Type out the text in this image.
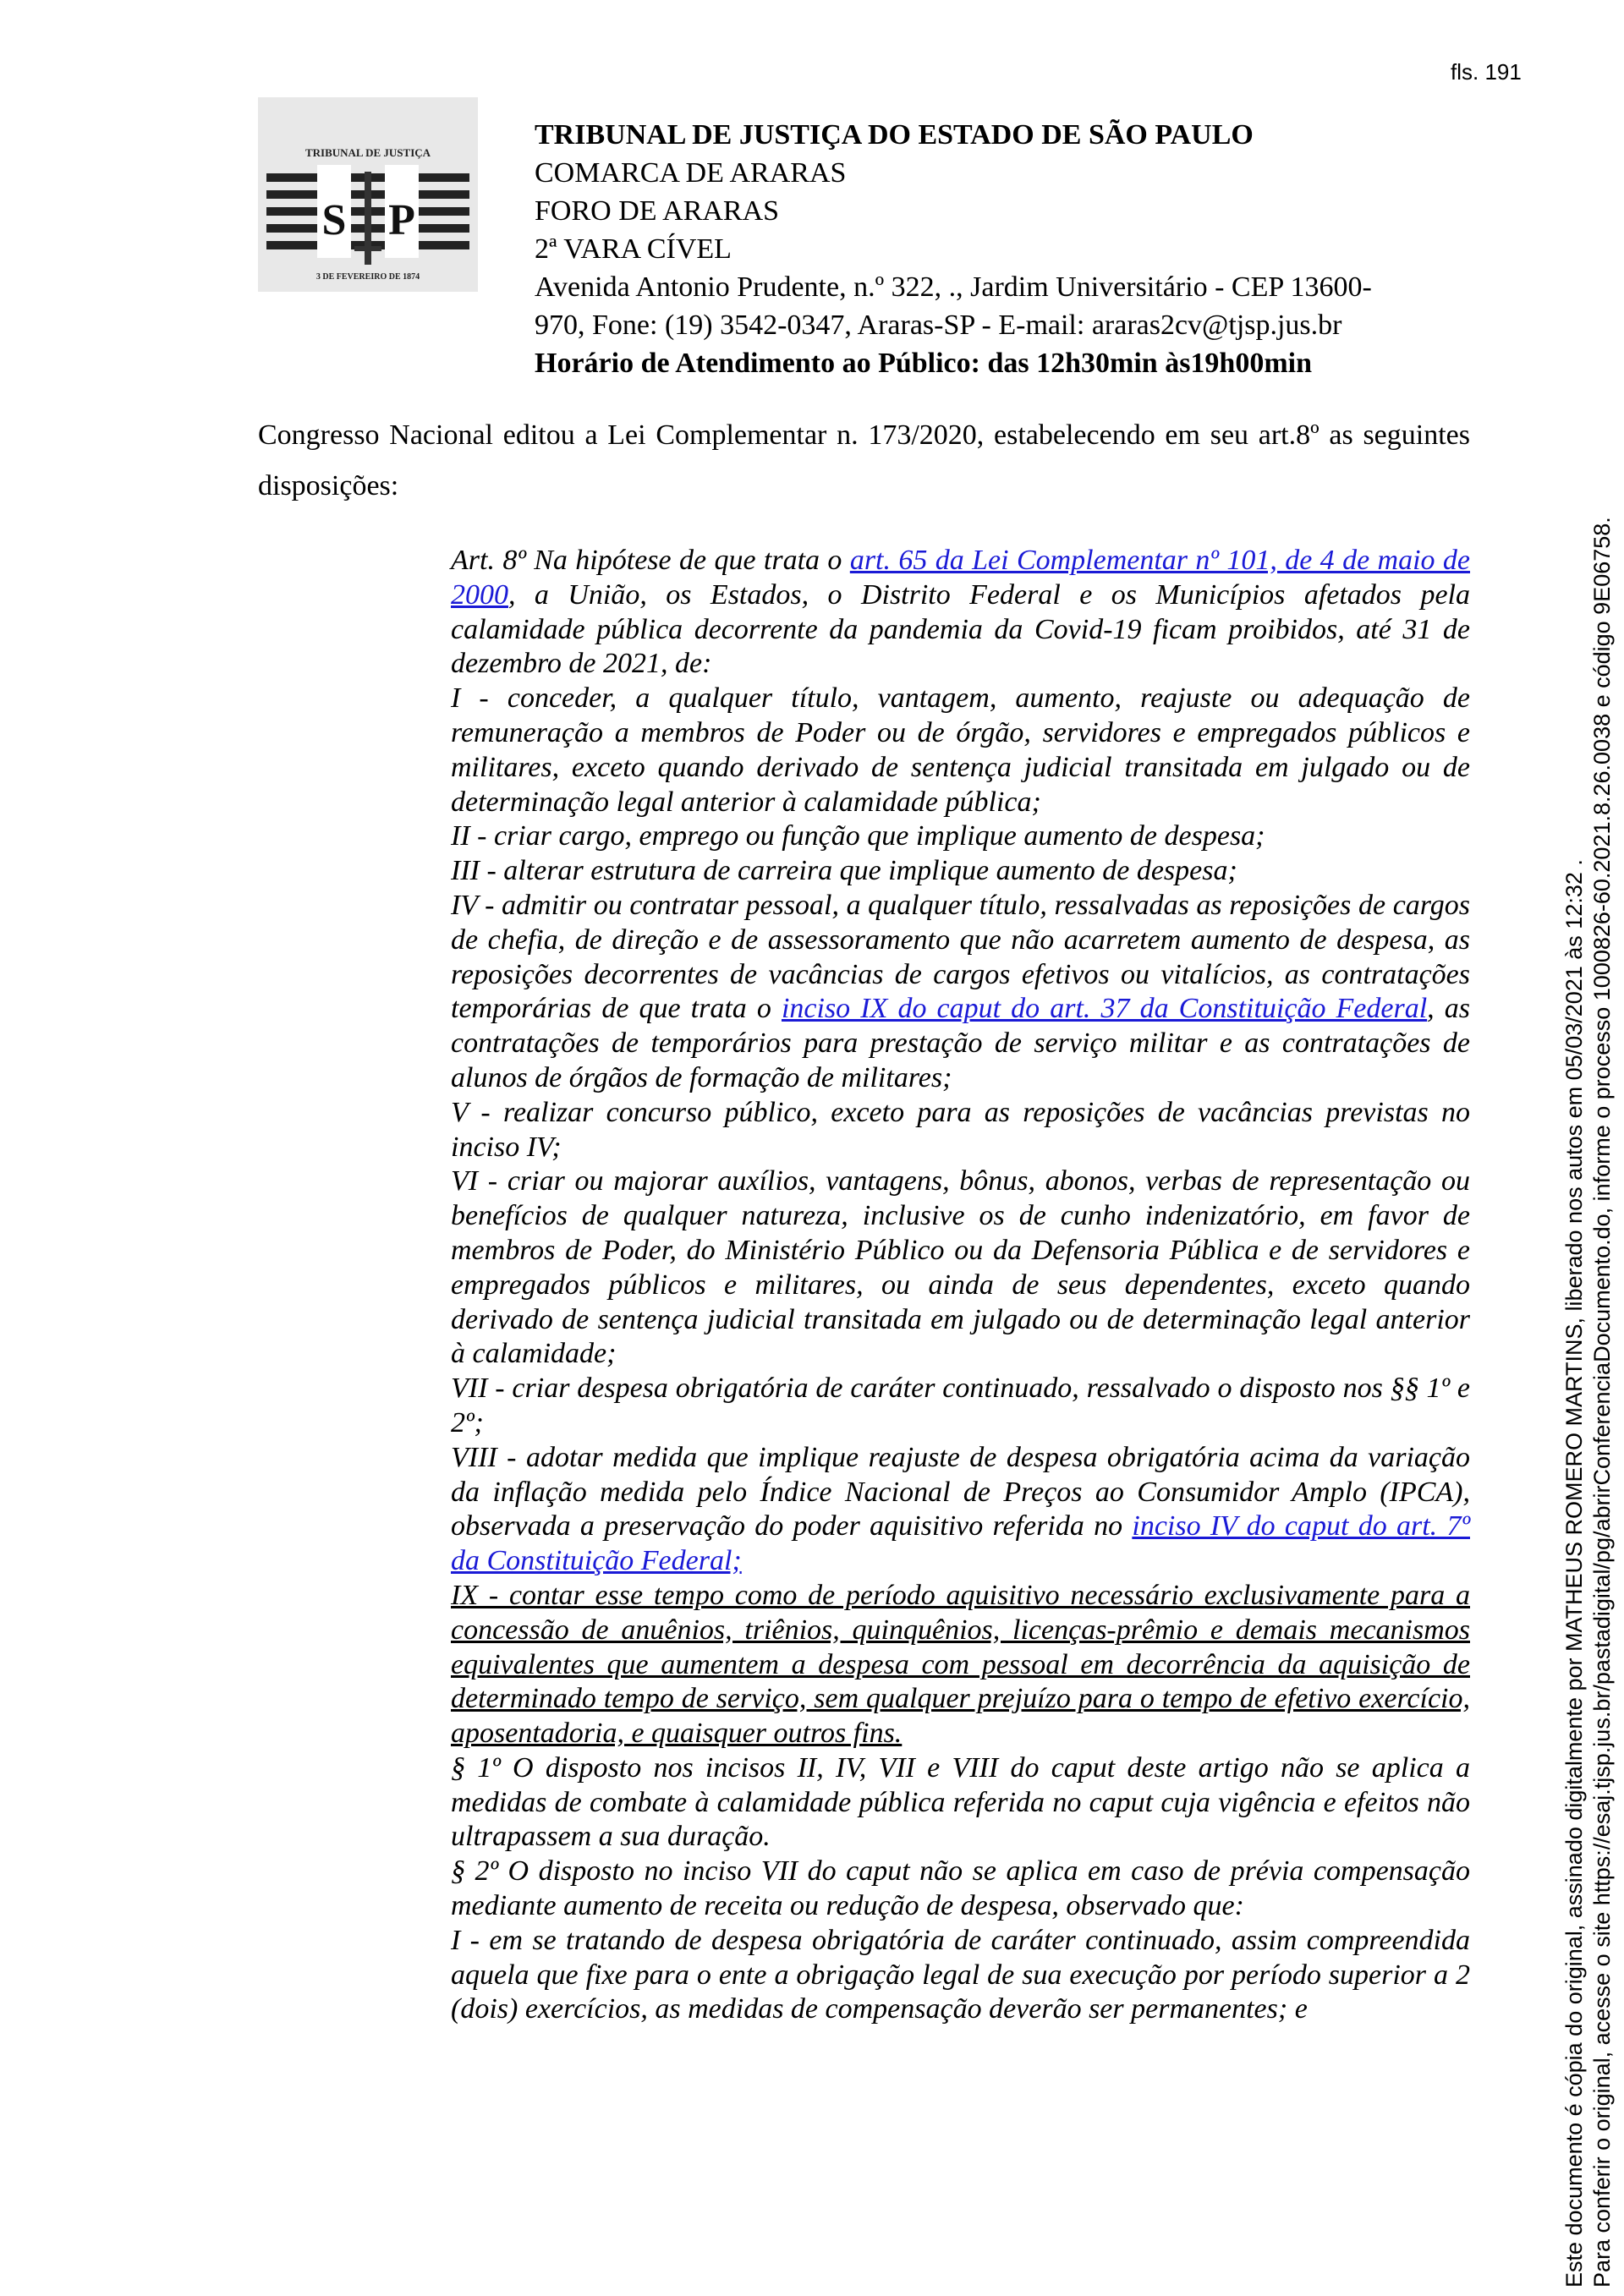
fls. 191
TRIBUNAL DE JUSTIÇA
S P
3 DE FEVEREIRO DE 1874
TRIBUNAL DE JUSTIÇA DO ESTADO DE SÃO PAULO
COMARCA DE ARARAS
FORO DE ARARAS
2ª VARA CÍVEL
Avenida Antonio Prudente, n.º 322, ., Jardim Universitário - CEP 13600-
970, Fone: (19) 3542-0347, Araras-SP - E-mail: araras2cv@tjsp.jus.br
Horário de Atendimento ao Público: das 12h30min às19h00min
Congresso Nacional editou a Lei Complementar n. 173/2020, estabelecendo em seu art.8º as seguintes disposições:

Art. 8º Na hipótese de que trata o art. 65 da Lei Complementar nº 101, de 4 de maio de 2000, a União, os Estados, o Distrito Federal e os Municípios afetados pela calamidade pública decorrente da pandemia da Covid-19 ficam proibidos, até 31 de dezembro de 2021, de:

I - conceder, a qualquer título, vantagem, aumento, reajuste ou adequação de remuneração a membros de Poder ou de órgão, servidores e empregados públicos e militares, exceto quando derivado de sentença judicial transitada em julgado ou de determinação legal anterior à calamidade pública;

II - criar cargo, emprego ou função que implique aumento de despesa;

III - alterar estrutura de carreira que implique aumento de despesa;

IV - admitir ou contratar pessoal, a qualquer título, ressalvadas as reposições de cargos de chefia, de direção e de assessoramento que não acarretem aumento de despesa, as reposições decorrentes de vacâncias de cargos efetivos ou vitalícios, as contratações temporárias de que trata o inciso IX do caput do art. 37 da Constituição Federal, as contratações de temporários para prestação de serviço militar e as contratações de alunos de órgãos de formação de militares;

V - realizar concurso público, exceto para as reposições de vacâncias previstas no inciso IV;

VI - criar ou majorar auxílios, vantagens, bônus, abonos, verbas de representação ou benefícios de qualquer natureza, inclusive os de cunho indenizatório, em favor de membros de Poder, do Ministério Público ou da Defensoria Pública e de servidores e empregados públicos e militares, ou ainda de seus dependentes, exceto quando derivado de sentença judicial transitada em julgado ou de determinação legal anterior à calamidade;

VII - criar despesa obrigatória de caráter continuado, ressalvado o disposto nos §§ 1º e 2º;

VIII - adotar medida que implique reajuste de despesa obrigatória acima da variação da inflação medida pelo Índice Nacional de Preços ao Consumidor Amplo (IPCA), observada a preservação do poder aquisitivo referida no inciso IV do caput do art. 7º da Constituição Federal;

IX - contar esse tempo como de período aquisitivo necessário exclusivamente para a concessão de anuênios, triênios, quinquênios, licenças-prêmio e demais mecanismos equivalentes que aumentem a despesa com pessoal em decorrência da aquisição de determinado tempo de serviço, sem qualquer prejuízo para o tempo de efetivo exercício, aposentadoria, e quaisquer outros fins.

§ 1º O disposto nos incisos II, IV, VII e VIII do caput deste artigo não se aplica a medidas de combate à calamidade pública referida no caput cuja vigência e efeitos não ultrapassem a sua duração.

§ 2º O disposto no inciso VII do caput não se aplica em caso de prévia compensação mediante aumento de receita ou redução de despesa, observado que:

I - em se tratando de despesa obrigatória de caráter continuado, assim compreendida aquela que fixe para o ente a obrigação legal de sua execução por período superior a 2 (dois) exercícios, as medidas de compensação deverão ser permanentes; e	Este documento é cópia do original, assinado digitalmente por MATHEUS ROMERO MARTINS, liberado nos autos em 05/03/2021 às 12:32 . Para conferir o original, acesse o site https://esaj.tjsp.jus.br/pastadigital/pg/abrirConferenciaDocumento.do, informe o processo 1000826-60.2021.8.26.0038 e código 9E06758.
